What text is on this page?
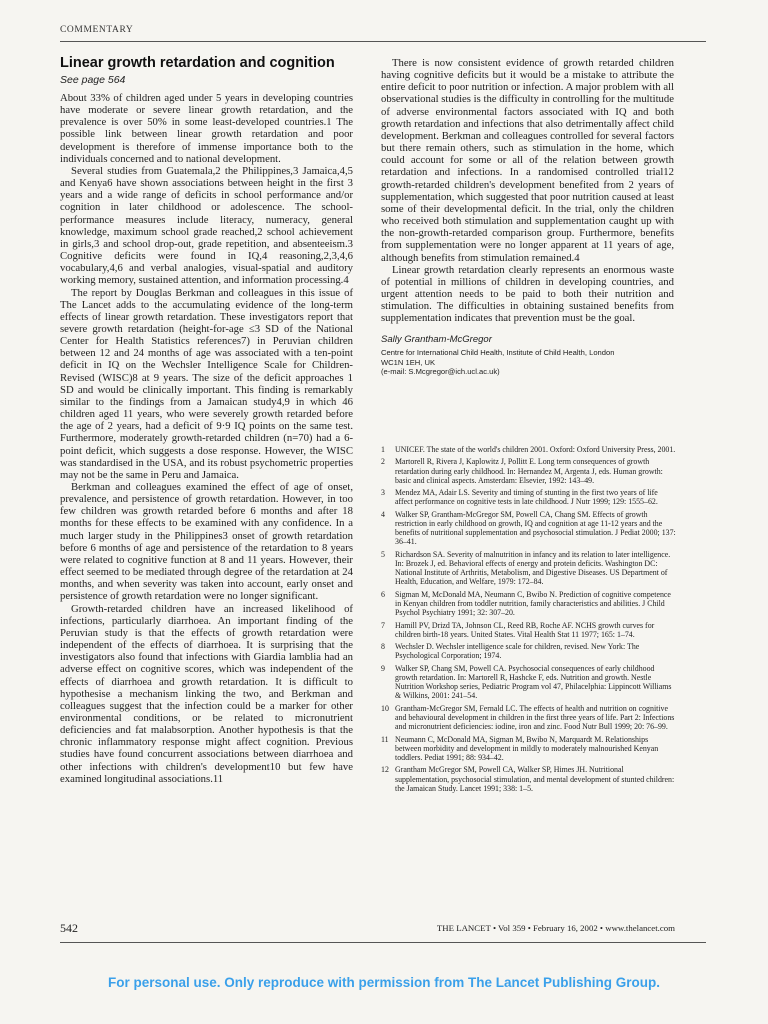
COMMENTARY
Linear growth retardation and cognition
See page 564

About 33% of children aged under 5 years in developing countries have moderate or severe linear growth retardation, and the prevalence is over 50% in some least-developed countries.1 The possible link between linear growth retardation and poor development is therefore of immense importance both to the individuals concerned and to national development.

Several studies from Guatemala,2 the Philippines,3 Jamaica,4,5 and Kenya6 have shown associations between height in the first 3 years and a wide range of deficits in school performance and/or cognition in later childhood or adolescence. The school-performance measures include literacy, numeracy, general knowledge, maximum school grade reached,2 school achievement in girls,3 and school drop-out, grade repetition, and absenteeism.3 Cognitive deficits were found in IQ,4 reasoning,2,3,4,6 vocabulary,4,6 and verbal analogies, visual-spatial and auditory working memory, sustained attention, and information processing.4

The report by Douglas Berkman and colleagues in this issue of The Lancet adds to the accumulating evidence of the long-term effects of linear growth retardation. These investigators report that severe growth retardation (height-for-age ≤3 SD of the National Center for Health Statistics references7) in Peruvian children between 12 and 24 months of age was associated with a ten-point deficit in IQ on the Wechsler Intelligence Scale for Children-Revised (WISC)8 at 9 years. The size of the deficit approaches 1 SD and would be clinically important. This finding is remarkably similar to the findings from a Jamaican study4,9 in which 46 children aged 11 years, who were severely growth retarded before the age of 2 years, had a deficit of 9·9 IQ points on the same test. Furthermore, moderately growth-retarded children (n=70) had a 6-point deficit, which suggests a dose response. However, the WISC was standardised in the USA, and its robust psychometric properties may not be the same in Peru and Jamaica.

Berkman and colleagues examined the effect of age of onset, prevalence, and persistence of growth retardation. However, in too few children was growth retarded before 6 months and after 18 months for these effects to be examined with any confidence. In a much larger study in the Philippines3 onset of growth retardation before 6 months of age and persistence of the retardation to 8 years were related to cognitive function at 8 and 11 years. However, their effect seemed to be mediated through degree of the retardation at 24 months, and when severity was taken into account, early onset and persistence of growth retardation were no longer significant.

Growth-retarded children have an increased likelihood of infections, particularly diarrhoea. An important finding of the Peruvian study is that the effects of growth retardation were independent of the effects of diarrhoea. It is surprising that the investigators also found that infections with Giardia lamblia had an adverse effect on cognitive scores, which was independent of the effects of diarrhoea and growth retardation. It is difficult to hypothesise a mechanism linking the two, and Berkman and colleagues suggest that the infection could be a marker for other environmental conditions, or be related to micronutrient deficiencies and fat malabsorption. Another hypothesis is that the chronic inflammatory response might affect cognition. Previous studies have found concurrent associations between diarrhoea and other infections with children's development10 but few have examined longitudinal associations.11

There is now consistent evidence of growth retarded children having cognitive deficits but it would be a mistake to attribute the entire deficit to poor nutrition or infection. A major problem with all observational studies is the difficulty in controlling for the multitude of adverse environmental factors associated with IQ and both growth retardation and infections that also detrimentally affect child development. Berkman and colleagues controlled for several factors but there remain others, such as stimulation in the home, which could account for some or all of the relation between growth retardation and infections. In a randomised controlled trial12 growth-retarded children's development benefited from 2 years of supplementation, which suggested that poor nutrition caused at least some of their developmental deficit. In the trial, only the children who received both stimulation and supplementation caught up with the non-growth-retarded comparison group. Furthermore, benefits from supplementation were no longer apparent at 11 years of age, although benefits from stimulation remained.4

Linear growth retardation clearly represents an enormous waste of potential in millions of children in developing countries, and urgent attention needs to be paid to both their nutrition and stimulation. The difficulties in obtaining sustained benefits from supplementation indicates that prevention must be the goal.

Sally Grantham-McGregor
Centre for International Child Health, Institute of Child Health, London
WC1N 1EH, UK
(e-mail: S.Mcgregor@ich.ucl.ac.uk)
1	UNICEF. The state of the world's children 2001. Oxford: Oxford University Press, 2001.
2	Martorell R, Rivera J, Kaplowitz J, Pollitt E. Long term consequences of growth retardation during early childhood. In: Hernandez M, Argenta J, eds. Human growth: basic and clinical aspects. Amsterdam: Elsevier, 1992: 143–49.
3	Mendez MA, Adair LS. Severity and timing of stunting in the first two years of life affect performance on cognitive tests in late childhood. J Nutr 1999; 129: 1555–62.
4	Walker SP, Grantham-McGregor SM, Powell CA, Chang SM. Effects of growth restriction in early childhood on growth, IQ and cognition at age 11-12 years and the benefits of nutritional supplementation and psychosocial stimulation. J Pediat 2000; 137: 36–41.
5	Richardson SA. Severity of malnutrition in infancy and its relation to later intelligence. In: Brozek J, ed. Behavioral effects of energy and protein deficits. Washington DC: National Institute of Arthritis, Metabolism, and Digestive Diseases. US Department of Health, Education, and Welfare, 1979: 172–84.
6	Sigman M, McDonald MA, Neumann C, Bwibo N. Prediction of cognitive competence in Kenyan children from toddler nutrition, family characteristics and abilities. J Child Psychol Psychiatry 1991; 32: 307–20.
7	Hamill PV, Drizd TA, Johnson CL, Reed RB, Roche AF. NCHS growth curves for children birth-18 years. United States. Vital Health Stat 11 1977; 165: 1–74.
8	Wechsler D. Wechsler intelligence scale for children, revised. New York: The Psychological Corporation; 1974.
9	Walker SP, Chang SM, Powell CA. Psychosocial consequences of early childhood growth retardation. In: Martorell R, Hashcke F, eds. Nutrition and growth. Nestle Nutrition Workshop series, Pediatric Program vol 47, Philacelphia: Lippincott Williams & Wilkins, 2001: 241–54.
10 Grantham-McGregor SM, Fernald LC. The effects of health and nutrition on cognitive and behavioural development in children in the first three years of life. Part 2: Infections and micronutrient deficiencies: iodine, iron and zinc. Food Nutr Bull 1999; 20: 76–99.
11 Neumann C, McDonald MA, Sigman M, Bwibo N, Marquardt M. Relationships between morbidity and development in mildly to moderately malnourished Kenyan toddlers. Pediat 1991; 88: 934–42.
12 Grantham McGregor SM, Powell CA, Walker SP, Himes JH. Nutritional supplementation, psychosocial stimulation, and mental development of stunted children: the Jamaican Study. Lancet 1991; 338: 1–5.
542	THE LANCET • Vol 359 • February 16, 2002 • www.thelancet.com
For personal use. Only reproduce with permission from The Lancet Publishing Group.
